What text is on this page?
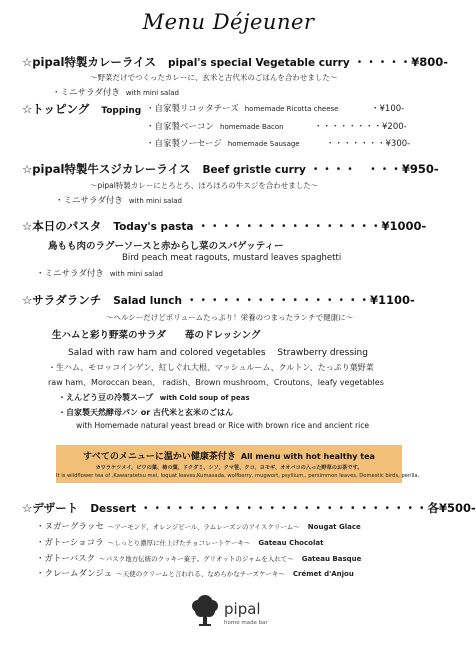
Menu Déjeuner
☆pipal特製カレーライス pipal's special Vegetable curry ・・・・・¥800-
～野菜だけでつくったカレーに、玄米と古代米のごはんを合わせました～
・ミニサラダ付き with mini salad
☆トッピング Topping ・自家製リコッタチーズ homemade Ricotta cheese	・¥100-
・自家製ベーコン homemade Bacon	・・・・・・・・¥200-
・自家製ソーセージ homemade Sausage	・・・・・・・¥300-
☆pipal特製牛スジカレーライス Beef gristle curry ・・・・　・・・¥950-
～pipal特製カレーにとろとろ、ほろほろの牛スジを合わせました～
・ミニサラダ付き with mini salad
☆本日のパスタ Today's pasta ・・・・・・・・・・・・・・・・¥1000-
鳥もも肉のラグーソースと赤からし菜のスパゲッティー
Bird peach meat ragouts, mustard leaves spaghetti
・ミニサラダ付き with mini salad
☆サラダランチ Salad lunch ・・・・・・・・・・・・・・・・¥1100-
～ヘルシーだけどボリュームたっぷり！栄養のつまったランチで健康に～
生ハムと彩り野菜のサラダ　　苺のドレッシング
Salad with raw ham and colored vegetables　 Strawberry dressing
・生ハム、モロッコインゲン、紅しぐれ大根、マッシュルーム、クルトン、たっぷり葉野菜
raw ham、Moroccan bean、 radish、Brown mushroom、Croutons、leafy vegetables
・えんどう豆の冷製スープ with Cold soup of peas
・自家製天然酵母パン or 古代米と玄米のごはん
with Homemade natural yeast bread or Rice with brown rice and ancient rice
すべてのメニューに温かい健康茶付き All menu with hot healthy tea
カワラケツメイ、ビワの葉、柿の葉、ドクダミ、シソ、クマ笹、クコ、ヨモギ、オオバコの入った野草のお茶です。
It is wildflower tea of ,Kawaratetsu mei, loquat leaves,Kumasada, wolfberry, mugwort, psyllium,, persimmon leaves, Domestic birds, perilla,
☆デザート Dessert ・・・・・・・・・・・・・・・・・・・・・・・・・各¥500-
・ヌガーグラッセ ～アーモンド、オレンジピール、ラムレーズンのアイスクリーム～ Nougat Glace
・ガトーショコラ ～しっとり濃厚に仕上げたチョコレートケーキ～ Gateau Chocolat
・ガトーバスク ～バスク地方伝統のクッキー菓子。グリオットのジャムを入れて～ Gateau Basque
・クレームダンジュ ～天使のクリームと言われる、なめらかなチーズケーキ～ Crémet d'Anjou
pipal
home made bar
